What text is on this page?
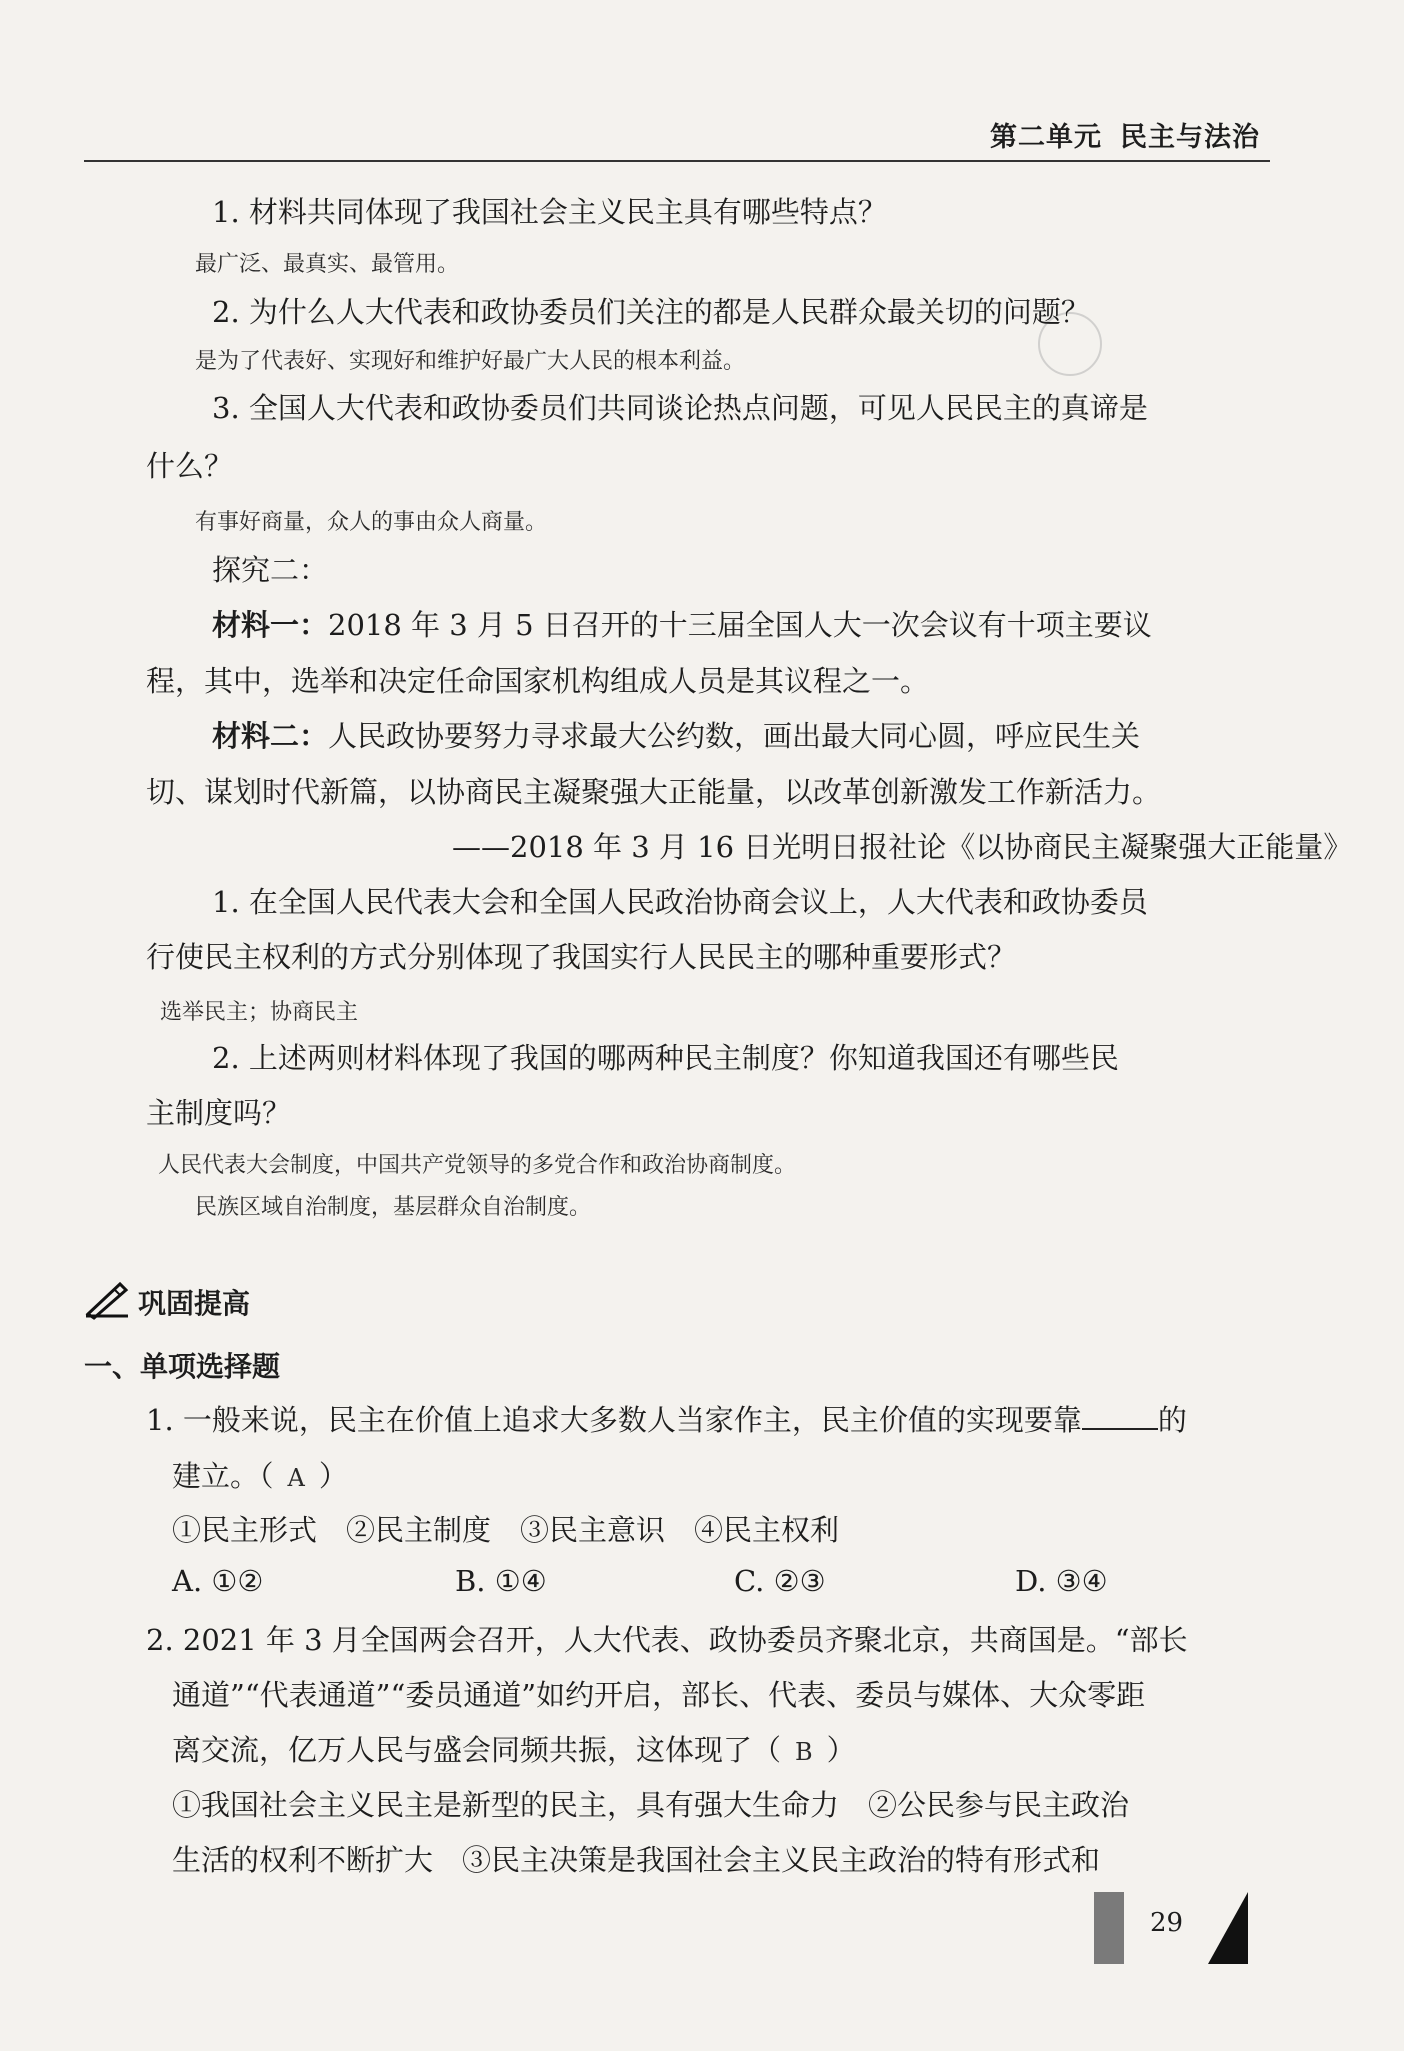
第二单元 民主与法治
1. 材料共同体现了我国社会主义民主具有哪些特点？
最广泛、最真实、最管用。
2. 为什么人大代表和政协委员们关注的都是人民群众最关切的问题？
是为了代表好、实现好和维护好最广大人民的根本利益。
3. 全国人大代表和政协委员们共同谈论热点问题，可见人民民主的真谛是
什么？
有事好商量，众人的事由众人商量。
探究二：
材料一：2018 年 3 月 5 日召开的十三届全国人大一次会议有十项主要议
程，其中，选举和决定任命国家机构组成人员是其议程之一。
材料二：人民政协要努力寻求最大公约数，画出最大同心圆，呼应民生关
切、谋划时代新篇，以协商民主凝聚强大正能量，以改革创新激发工作新活力。
——2018 年 3 月 16 日光明日报社论《以协商民主凝聚强大正能量》
1. 在全国人民代表大会和全国人民政治协商会议上，人大代表和政协委员
行使民主权利的方式分别体现了我国实行人民民主的哪种重要形式？
选举民主；协商民主
2. 上述两则材料体现了我国的哪两种民主制度？你知道我国还有哪些民
主制度吗？
人民代表大会制度，中国共产党领导的多党合作和政治协商制度。
民族区域自治制度，基层群众自治制度。
巩固提高
一、单项选择题
1. 一般来说，民主在价值上追求大多数人当家作主，民主价值的实现要靠	的
建立。（ A ）
①民主形式　②民主制度　③民主意识　④民主权利
A. ①②	B. ①④	C. ②③	D. ③④
2. 2021 年 3 月全国两会召开，人大代表、政协委员齐聚北京，共商国是。“部长
通道”“代表通道”“委员通道”如约开启，部长、代表、委员与媒体、大众零距
离交流，亿万人民与盛会同频共振，这体现了（ B ）
①我国社会主义民主是新型的民主，具有强大生命力　②公民参与民主政治
生活的权利不断扩大　③民主决策是我国社会主义民主政治的特有形式和
29
